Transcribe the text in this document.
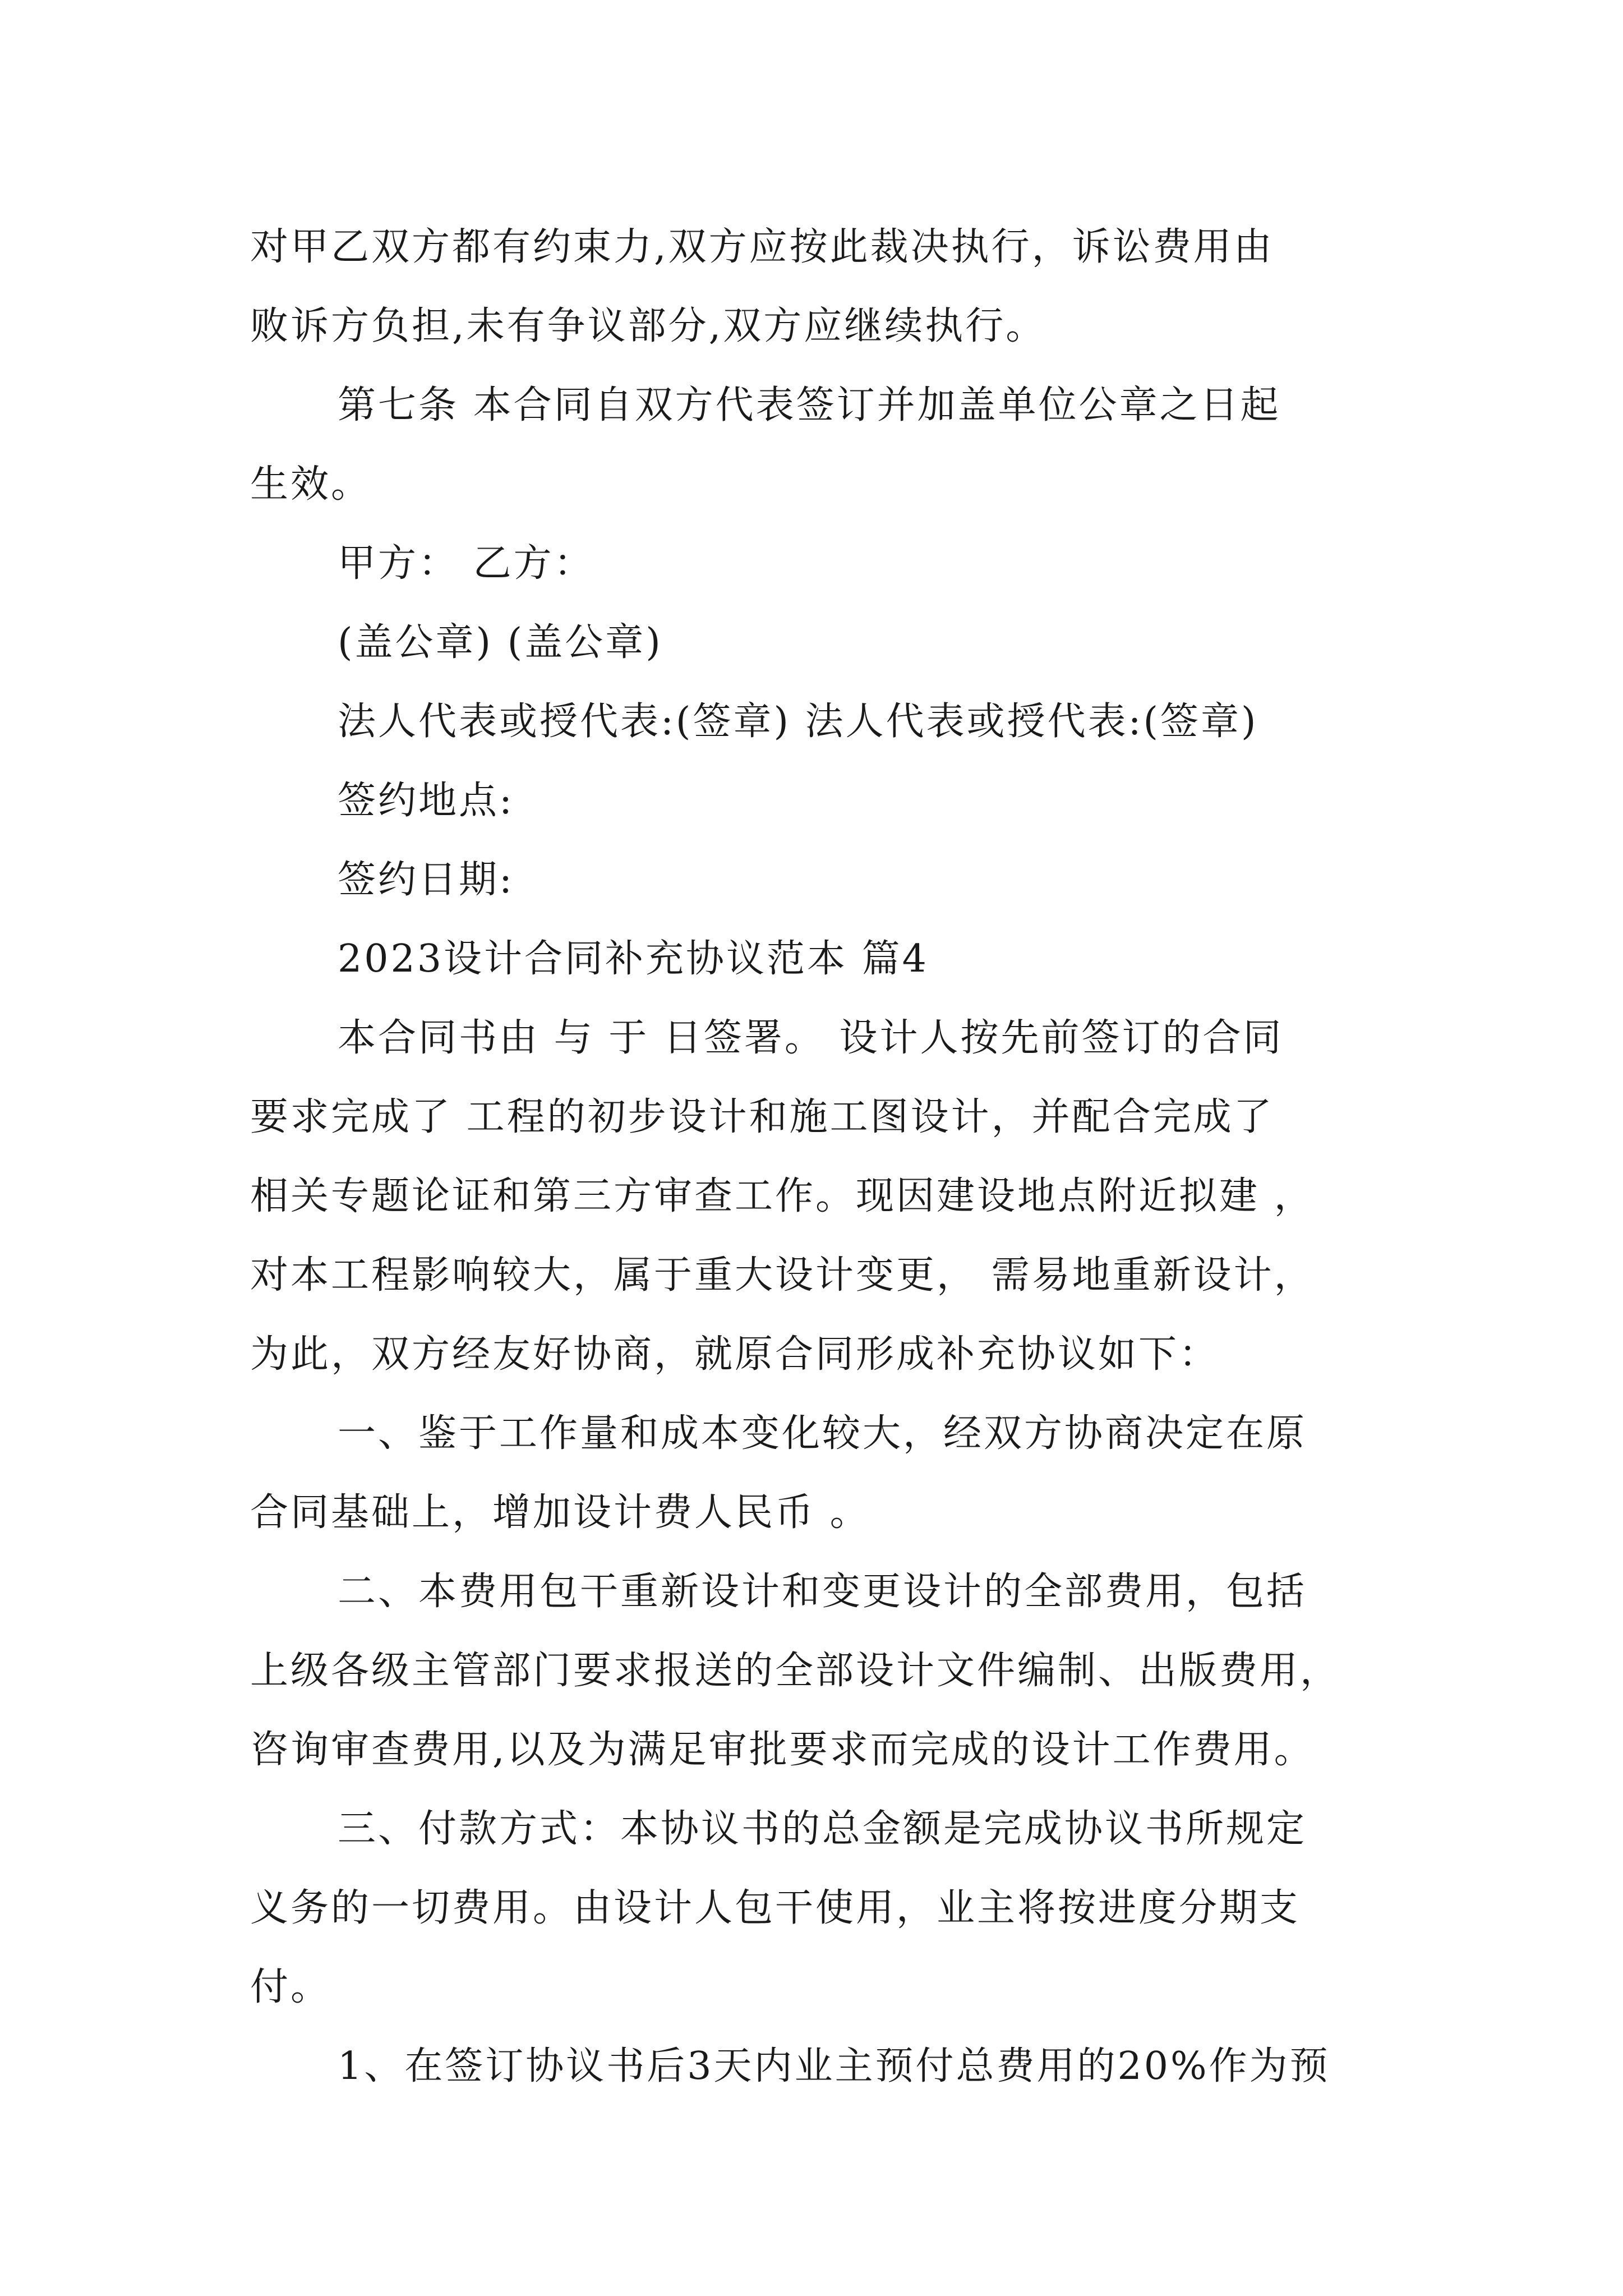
对甲乙双方都有约束力,双方应按此裁决执行，诉讼费用由
败诉方负担,未有争议部分,双方应继续执行。
第七条 本合同自双方代表签订并加盖单位公章之日起
生效。
甲方： 乙方：
(盖公章) (盖公章)
法人代表或授代表:(签章) 法人代表或授代表:(签章)
签约地点:
签约日期:
2023设计合同补充协议范本 篇4
本合同书由 与 于 日签署。 设计人按先前签订的合同
要求完成了 工程的初步设计和施工图设计，并配合完成了
相关专题论证和第三方审查工作。现因建设地点附近拟建 ，
对本工程影响较大，属于重大设计变更， 需易地重新设计，
为此，双方经友好协商，就原合同形成补充协议如下：
一、鉴于工作量和成本变化较大，经双方协商决定在原
合同基础上，增加设计费人民币 。
二、本费用包干重新设计和变更设计的全部费用，包括
上级各级主管部门要求报送的全部设计文件编制、出版费用，
咨询审查费用,以及为满足审批要求而完成的设计工作费用。
三、付款方式：本协议书的总金额是完成协议书所规定
义务的一切费用。由设计人包干使用，业主将按进度分期支
付。
1、在签订协议书后3天内业主预付总费用的20%作为预
